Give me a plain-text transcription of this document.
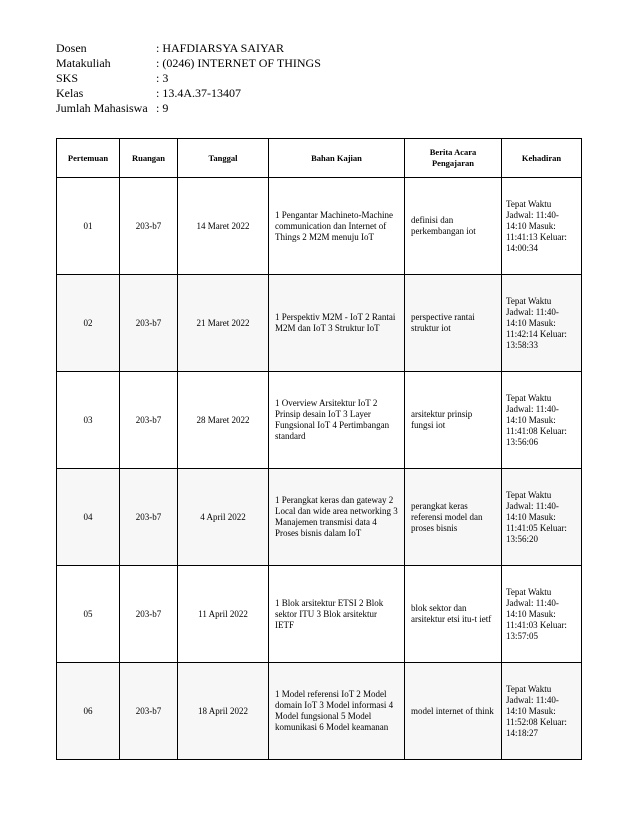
Dosen	: HAFDIARSYA SAIYAR
Matakuliah	: (0246) INTERNET OF THINGS
SKS	: 3
Kelas	: 13.4A.37-13407
Jumlah Mahasiswa : 9
Pertemuan	Ruangan	Tanggal	Bahan Kajian	Berita Acara Pengajaran	Kehadiran
01	203-b7	14 Maret 2022	1 Pengantar Machineto-Machine communication dan Internet of Things 2 M2M menuju IoT	definisi dan perkembangan iot	Tepat Waktu Jadwal: 11:40-14:10 Masuk: 11:41:13 Keluar: 14:00:34
02	203-b7	21 Maret 2022	1 Perspektiv M2M - IoT 2 Rantai M2M dan IoT 3 Struktur IoT	perspective rantai struktur iot	Tepat Waktu Jadwal: 11:40-14:10 Masuk: 11:42:14 Keluar: 13:58:33
03	203-b7	28 Maret 2022	1 Overview Arsitektur IoT 2 Prinsip desain IoT 3 Layer Fungsional IoT 4 Pertimbangan standard	arsitektur prinsip fungsi iot	Tepat Waktu Jadwal: 11:40-14:10 Masuk: 11:41:08 Keluar: 13:56:06
04	203-b7	4 April 2022	1 Perangkat keras dan gateway 2 Local dan wide area networking 3 Manajemen transmisi data 4 Proses bisnis dalam IoT	perangkat keras referensi model dan proses bisnis	Tepat Waktu Jadwal: 11:40-14:10 Masuk: 11:41:05 Keluar: 13:56:20
05	203-b7	11 April 2022	1 Blok arsitektur ETSI 2 Blok sektor ITU 3 Blok arsitektur IETF	blok sektor dan arsitektur etsi itu-t ietf	Tepat Waktu Jadwal: 11:40-14:10 Masuk: 11:41:03 Keluar: 13:57:05
06	203-b7	18 April 2022	1 Model referensi IoT 2 Model domain IoT 3 Model informasi 4 Model fungsional 5 Model komunikasi 6 Model keamanan	model internet of think	Tepat Waktu Jadwal: 11:40-14:10 Masuk: 11:52:08 Keluar: 14:18:27
